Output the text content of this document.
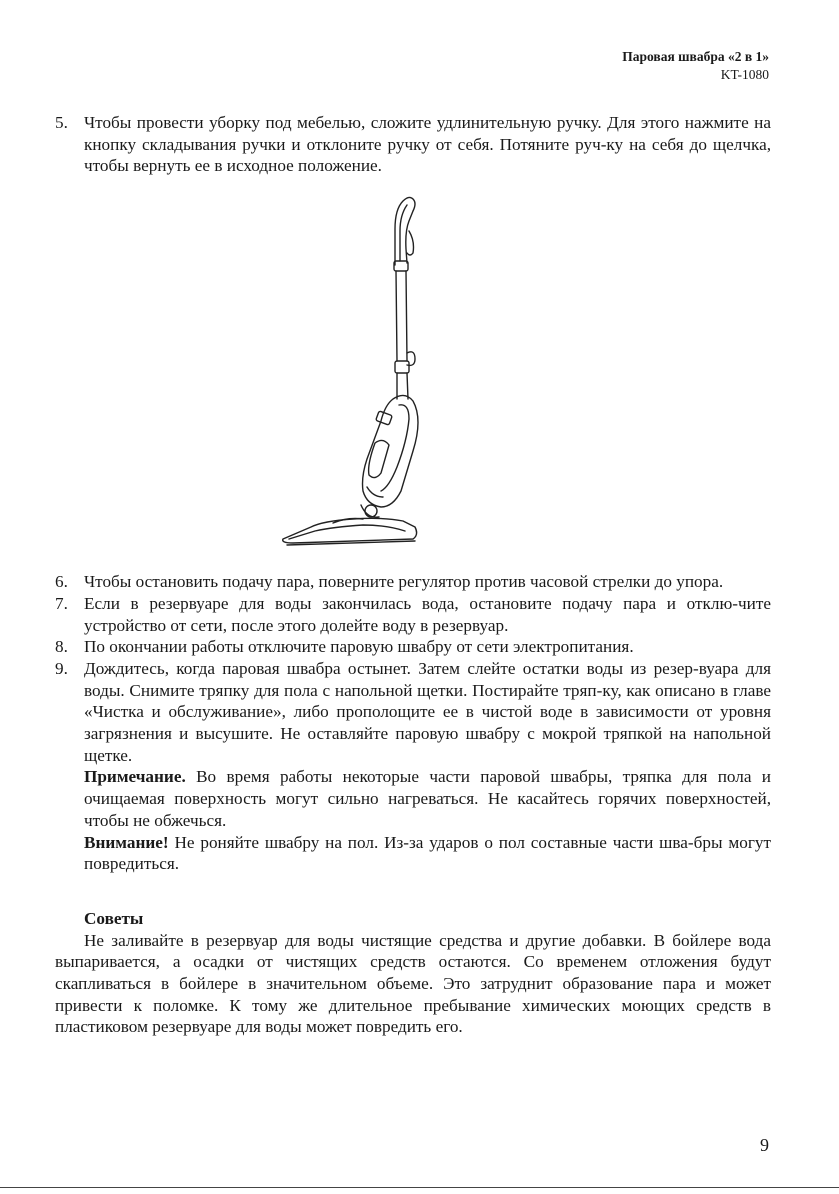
Паровая швабра «2 в 1»
KT-1080
5. Чтобы провести уборку под мебелью, сложите удлинительную ручку. Для этого нажмите на кнопку складывания ручки и отклоните ручку от себя. Потяните руч-ку на себя до щелчка, чтобы вернуть ее в исходное положение.

6. Чтобы остановить подачу пара, поверните регулятор против часовой стрелки до упора.

7. Если в резервуаре для воды закончилась вода, остановите подачу пара и отклю-чите устройство от сети, после этого долейте воду в резервуар.

8. По окончании работы отключите паровую швабру от сети электропитания.

9. Дождитесь, когда паровая швабра остынет. Затем слейте остатки воды из резер-вуара для воды. Снимите тряпку для пола с напольной щетки. Постирайте тряп-ку, как описано в главе «Чистка и обслуживание», либо прополощите ее в чистой воде в зависимости от уровня загрязнения и высушите. Не оставляйте паровую швабру с мокрой тряпкой на напольной щетке.

Примечание. Во время работы некоторые части паровой швабры, тряпка для пола и очищаемая поверхность могут сильно нагреваться. Не касайтесь горячих поверхностей, чтобы не обжечься.

Внимание! Не роняйте швабру на пол. Из-за ударов о пол составные части шва-бры могут повредиться.

Советы

Не заливайте в резервуар для воды чистящие средства и другие добавки. В бойлере вода выпаривается, а осадки от чистящих средств остаются. Со временем отложения будут скапливаться в бойлере в значительном объеме. Это затруднит образование пара и может привести к поломке. К тому же длительное пребывание химических моющих средств в пластиковом резервуаре для воды может повредить его.

9
